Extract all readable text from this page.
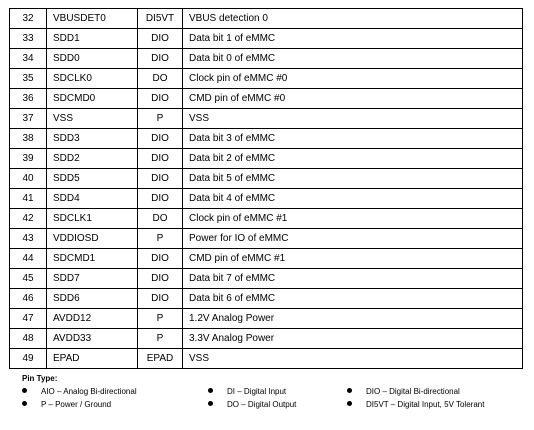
32	VBUSDET0	DI5VT	VBUS detection 0
33	SDD1	DIO	Data bit 1 of eMMC
34	SDD0	DIO	Data bit 0 of eMMC
35	SDCLK0	DO	Clock pin of eMMC #0
36	SDCMD0	DIO	CMD pin of eMMC #0
37	VSS	P	VSS
38	SDD3	DIO	Data bit 3 of eMMC
39	SDD2	DIO	Data bit 2 of eMMC
40	SDD5	DIO	Data bit 5 of eMMC
41	SDD4	DIO	Data bit 4 of eMMC
42	SDCLK1	DO	Clock pin of eMMC #1
43	VDDIOSD	P	Power for IO of eMMC
44	SDCMD1	DIO	CMD pin of eMMC #1
45	SDD7	DIO	Data bit 7 of eMMC
46	SDD6	DIO	Data bit 6 of eMMC
47	AVDD12	P	1.2V Analog Power
48	AVDD33	P	3.3V Analog Power
49	EPAD	EPAD	VSS
Pin Type:
AIO – Analog Bi-directional	DI – Digital Input	DIO – Digital Bi-directional
P – Power / Ground	DO – Digital Output	DI5VT – Digital Input, 5V Tolerant
